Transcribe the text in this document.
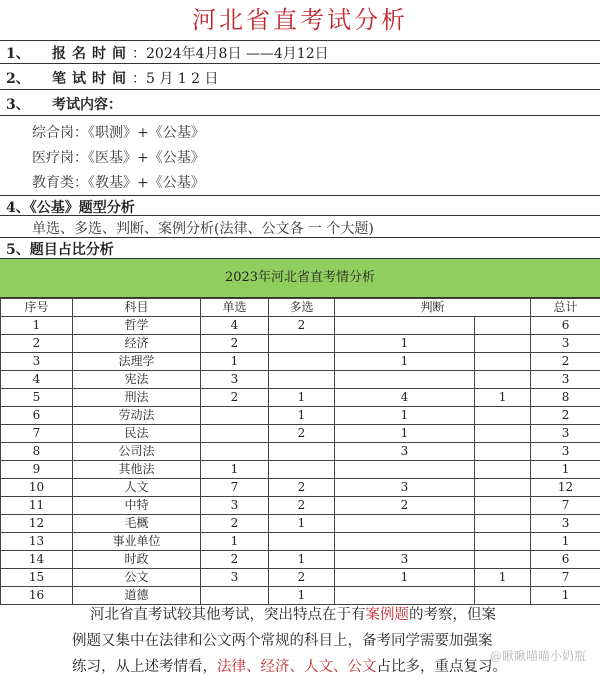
河北省直考试分析
1、 报名时间：2024年4月8日 ——4月12日
2、 笔试时间：5 月 1 2 日
3、 考试内容：
综合岗：《职测》+《公基》
医疗岗：《医基》+《公基》
教育类：《教基》+《公基》
4、《公基》题型分析
单选、多选、判断、案例分析(法律、公文各 一 个大题)
5、题目占比分析
2023年河北省直考情分析
序号	科目	单选	多选	判断		总计
1	哲学	4	2			6
2	经济	2		1		3
3	法理学	1		1		2
4	宪法	3				3
5	刑法	2	1	4	1	8
6	劳动法		1	1		2
7	民法		2	1		3
8	公司法			3		3
9	其他法	1				1
10	人文	7	2	3		12
11	中特	3	2	2		7
12	毛概	2	1			3
13	事业单位	1				1
14	时政	2	1	3		6
15	公文	3	2	1	1	7
16	道德		1			1
河北省直考试较其他考试，突出特点在于有案例题的考察，但案
例题又集中在法律和公文两个常规的科目上，备考同学需要加强案
练习，从上述考情看，法律、经济、人文、公文占比多，重点复习。
@瞅瞅喵喵小奶瓶
